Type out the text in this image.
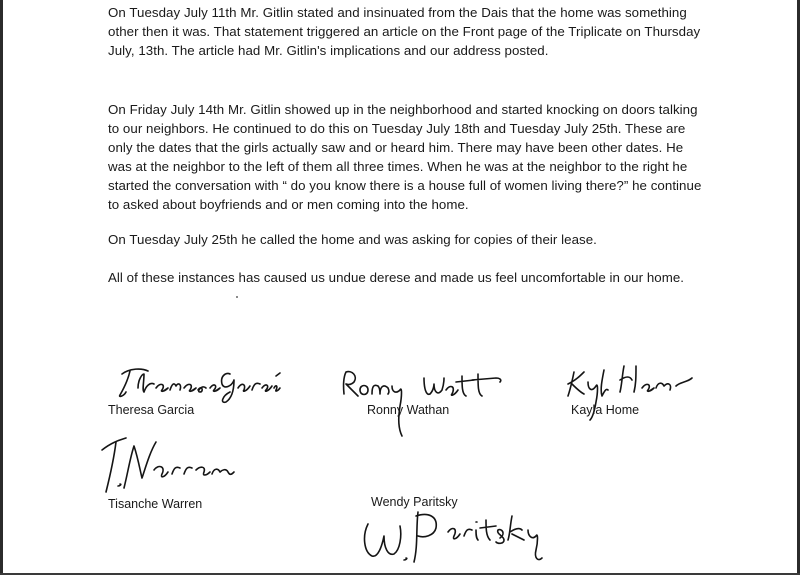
On Tuesday July 11th Mr. Gitlin stated and insinuated from the Dais that the home was something other then it was. That statement triggered an article on the Front page of the Triplicate on Thursday July, 13th. The article had Mr. Gitlin's implications and our address posted.

On Friday July 14th Mr. Gitlin showed up in the neighborhood and started knocking on doors talking to our neighbors. He continued to do this on Tuesday July 18th and Tuesday July 25th. These are only the dates that the girls actually saw and or heard him. There may have been other dates. He was at the neighbor to the left of them all three times. When he was at the neighbor to the right he started the conversation with “ do you know there is a house full of women living there?” he continue to asked about boyfriends and or men coming into the home.

On Tuesday July 25th he called the home and was asking for copies of their lease.

All of these instances has caused us undue derese and made us feel uncomfortable in our home.

Theresa Garcia	Ronny Wathan	Kayla Home
Tisanche Warren	Wendy Paritsky
